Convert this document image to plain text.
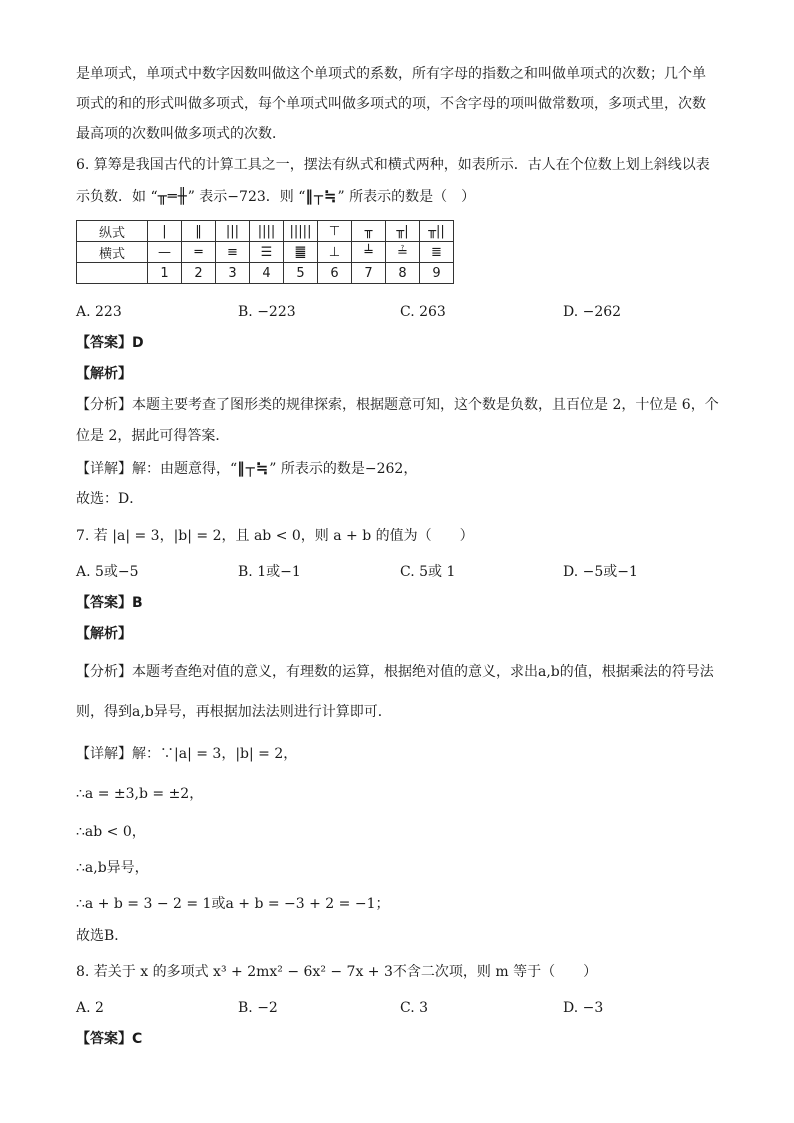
是单项式，单项式中数字因数叫做这个单项式的系数，所有字母的指数之和叫做单项式的次数；几个单
项式的和的形式叫做多项式，每个单项式叫做多项式的项，不含字母的项叫做常数项，多项式里，次数
最高项的次数叫做多项式的次数．
6. 算筹是我国古代的计算工具之一，摆法有纵式和横式两种，如表所示．古人在个位数上划上斜线以表
示负数．如 “╥═╫” 表示−723．则 “‖┬≒” 所表示的数是（　）
纵式	|	‖	|||	||||	|||||	⊤	╥	╥|	╥||
横式	—	═	≡	☰	䷀	⊥	╧	≟	≣
	1	2	3	4	5	6	7	8	9
A. 223	B. −223	C. 263	D. −262
【答案】D
【解析】
【分析】本题主要考查了图形类的规律探索，根据题意可知，这个数是负数，且百位是 2，十位是 6，个
位是 2，据此可得答案．
【详解】解：由题意得，“‖┬≒” 所表示的数是−262，
故选：D．
7. 若 |a| = 3，|b| = 2，且 ab < 0，则 a + b 的值为（　　）
A. 5或−5	B. 1或−1	C. 5或 1	D. −5或−1
【答案】B
【解析】
【分析】本题考查绝对值的意义，有理数的运算，根据绝对值的意义，求出a,b的值，根据乘法的符号法
则，得到a,b异号，再根据加法法则进行计算即可．
【详解】解：∵|a| = 3，|b| = 2，
∴a = ±3,b = ±2，
∴ab < 0，
∴a,b异号，
∴a + b = 3 − 2 = 1或a + b = −3 + 2 = −1；
故选B．
8. 若关于 x 的多项式 x³ + 2mx² − 6x² − 7x + 3不含二次项，则 m 等于（　　）
A. 2	B. −2	C. 3	D. −3
【答案】C
